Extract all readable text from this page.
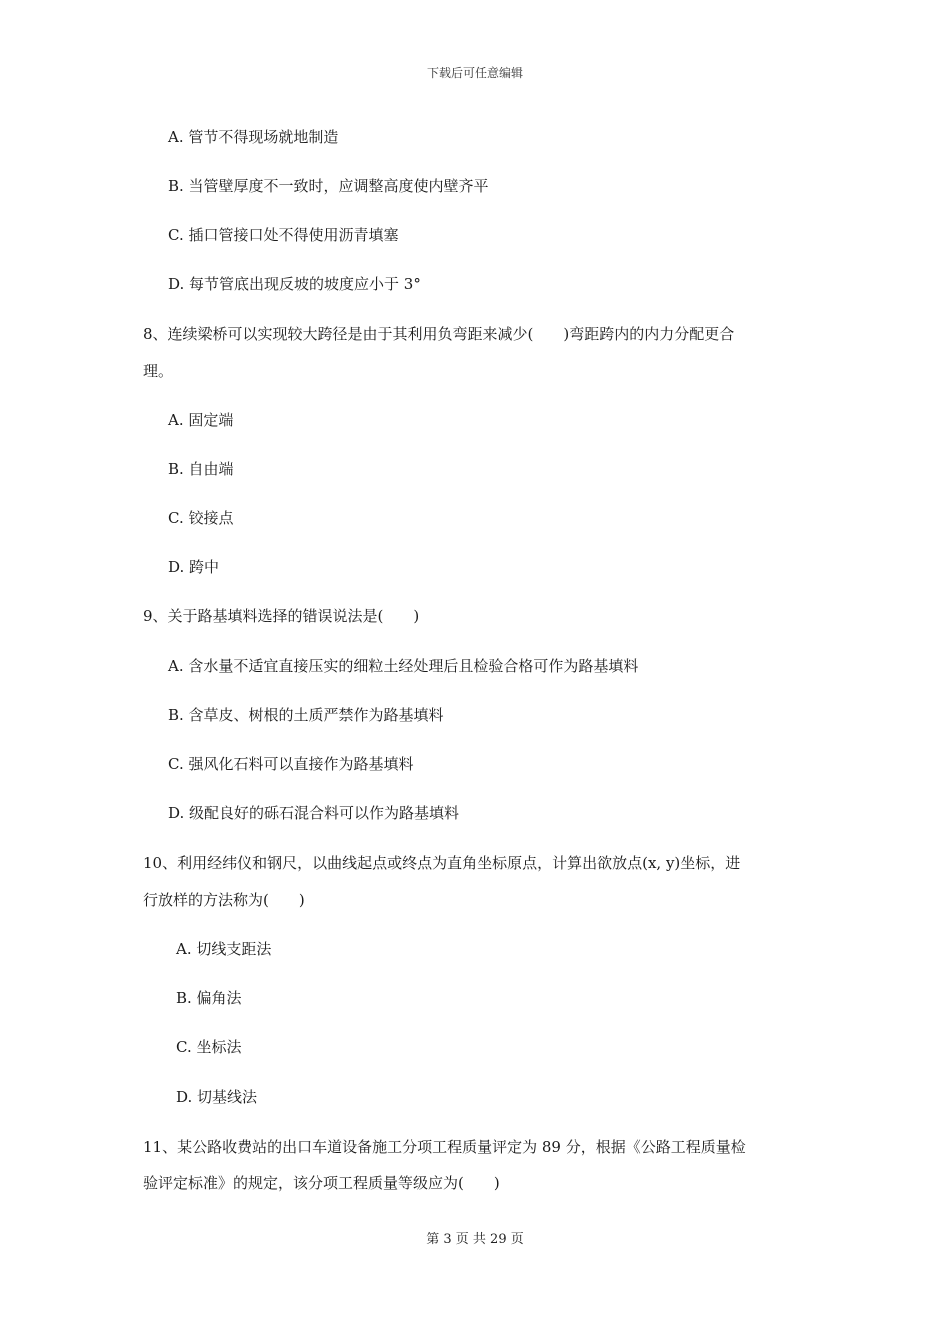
下载后可任意编辑
A. 管节不得现场就地制造
B. 当管壁厚度不一致时，应调整高度使内壁齐平
C. 插口管接口处不得使用沥青填塞
D. 每节管底出现反坡的坡度应小于 3°
8、连续梁桥可以实现较大跨径是由于其利用负弯距来减少(　　)弯距跨内的内力分配更合
理。
A. 固定端
B. 自由端
C. 铰接点
D. 跨中
9、关于路基填料选择的错误说法是(　　)
A. 含水量不适宜直接压实的细粒土经处理后且检验合格可作为路基填料
B. 含草皮、树根的土质严禁作为路基填料
C. 强风化石料可以直接作为路基填料
D. 级配良好的砾石混合料可以作为路基填料
10、利用经纬仪和钢尺，以曲线起点或终点为直角坐标原点，计算出欲放点(x, y)坐标，进
行放样的方法称为(　　)
A. 切线支距法
B. 偏角法
C. 坐标法
D. 切基线法
11、某公路收费站的出口车道设备施工分项工程质量评定为 89 分，根据《公路工程质量检
验评定标准》的规定，该分项工程质量等级应为(　　)
第 3 页 共 29 页
